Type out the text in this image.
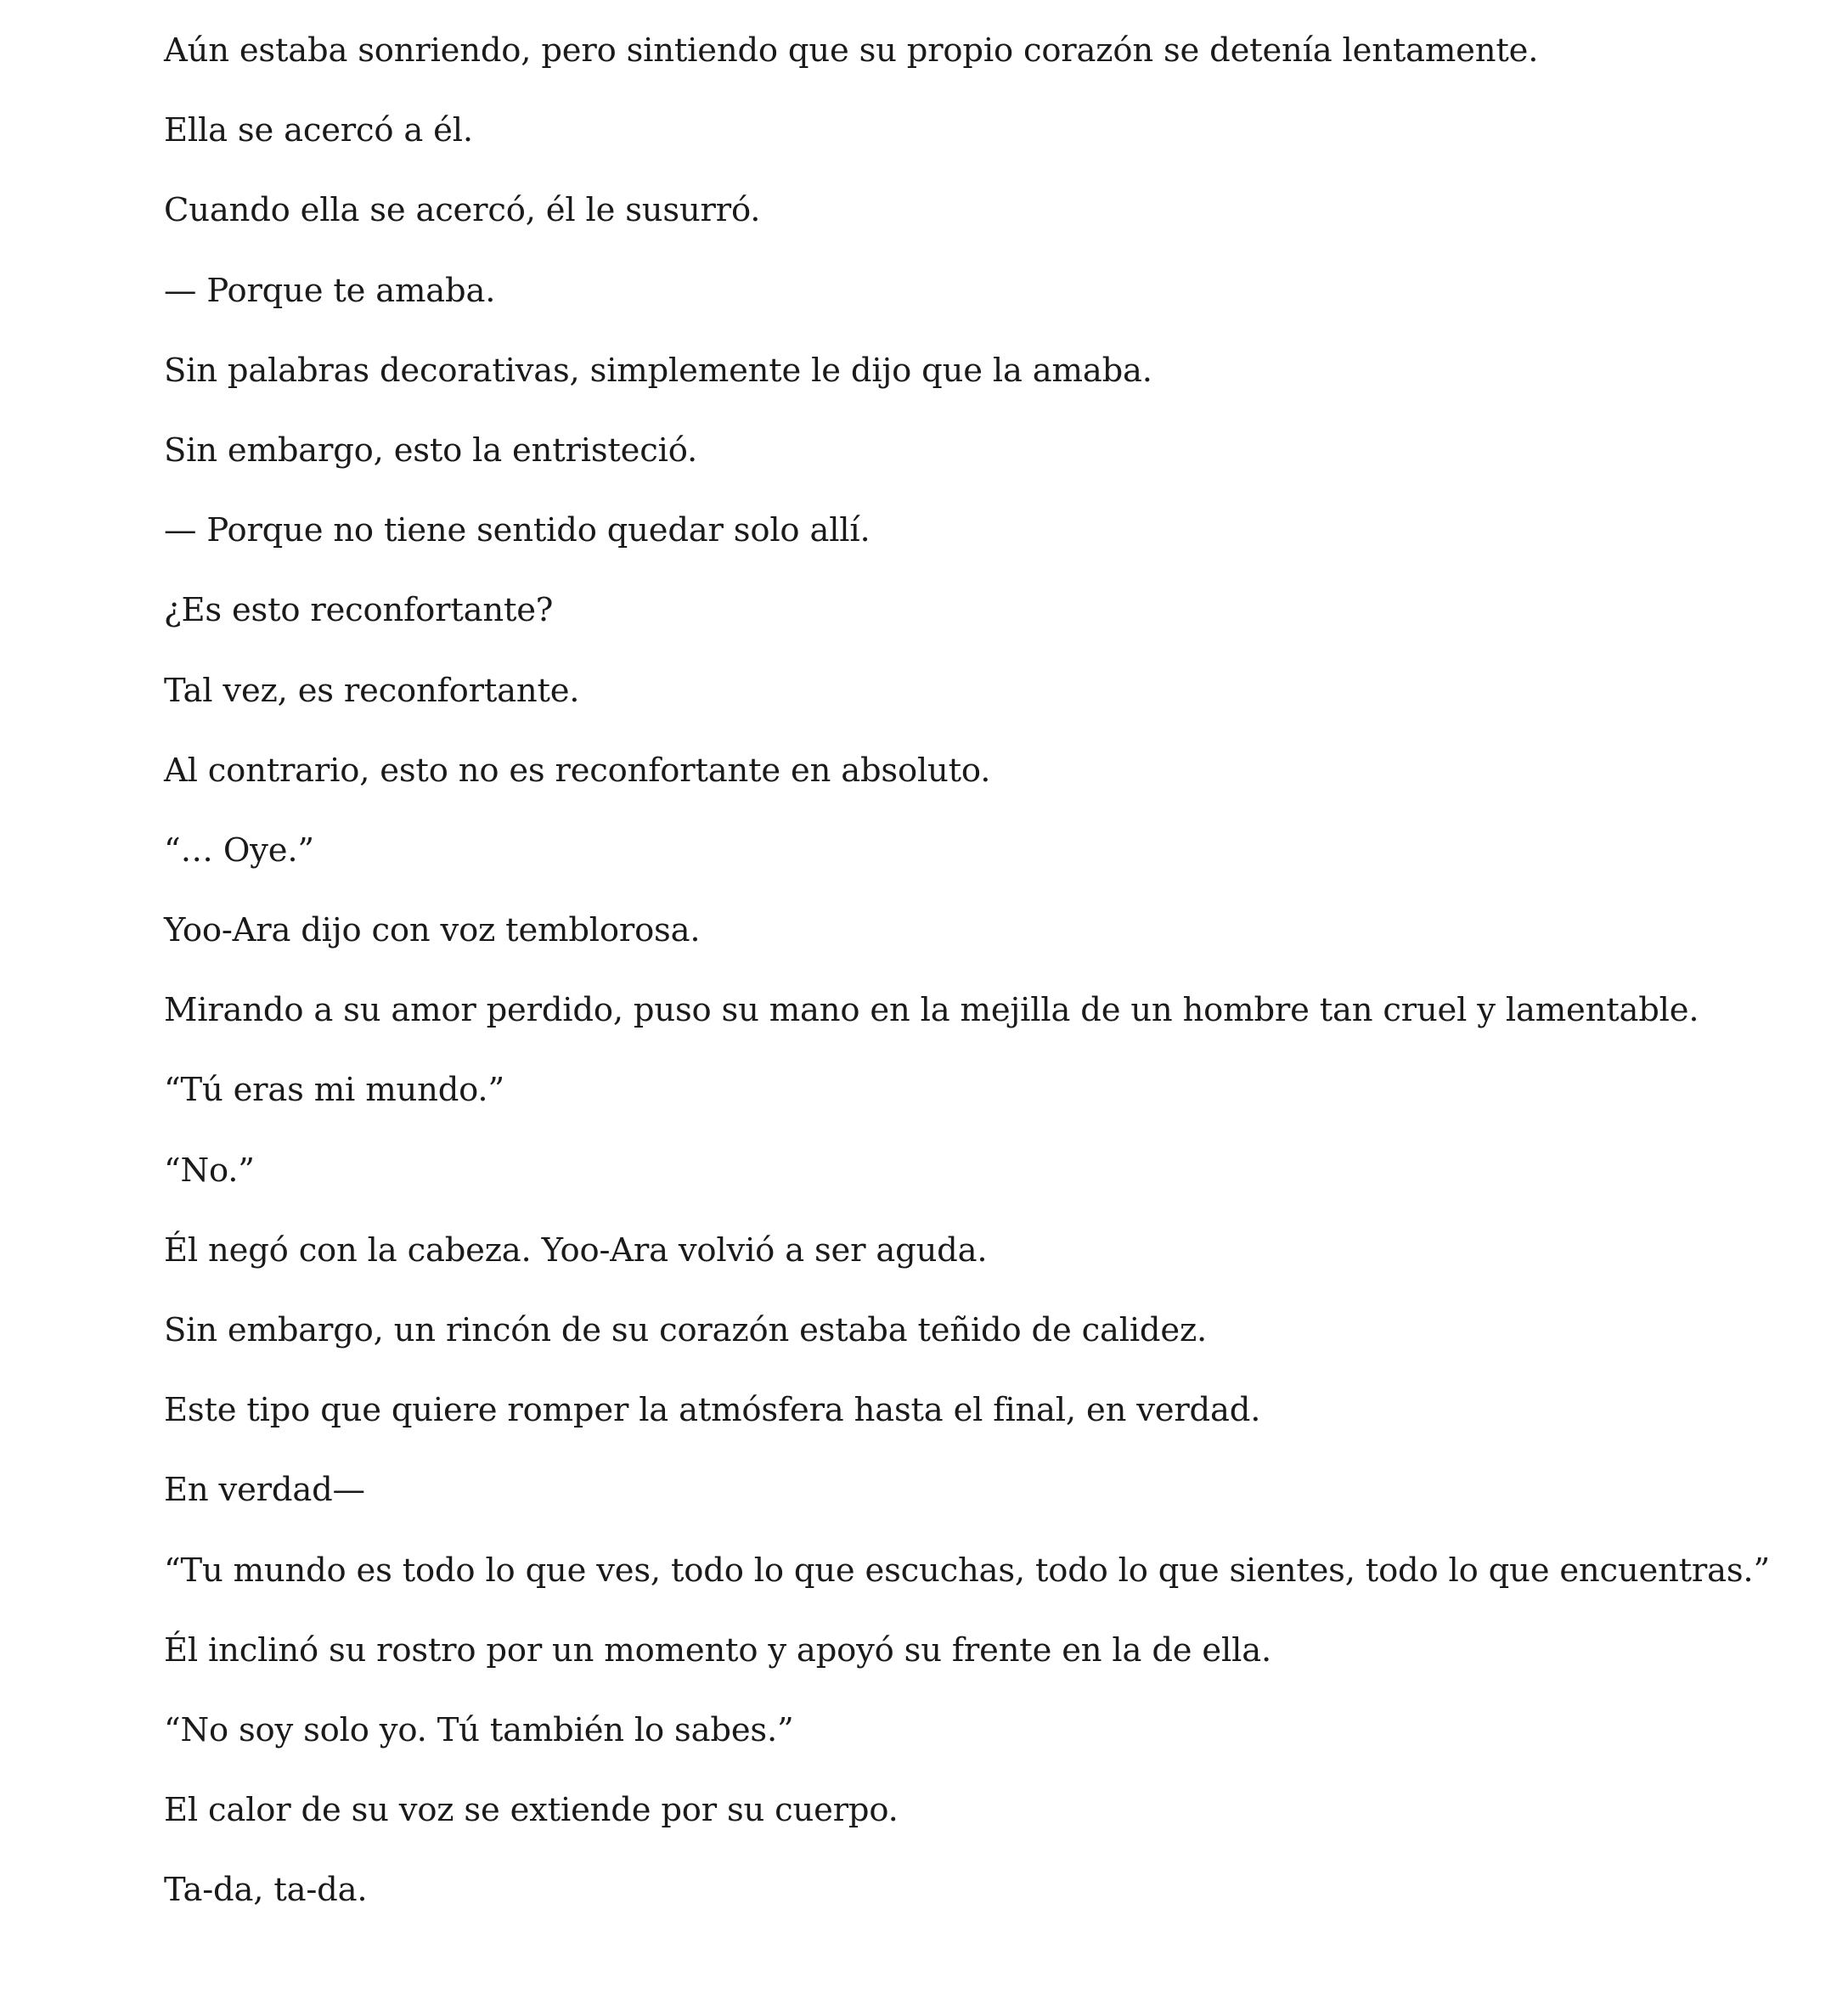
Aún estaba sonriendo, pero sintiendo que su propio corazón se detenía lentamente.

Ella se acercó a él.

Cuando ella se acercó, él le susurró.

— Porque te amaba.

Sin palabras decorativas, simplemente le dijo que la amaba.

Sin embargo, esto la entristeció.

— Porque no tiene sentido quedar solo allí.

¿Es esto reconfortante?

Tal vez, es reconfortante.

Al contrario, esto no es reconfortante en absoluto.

“… Oye.”

Yoo-Ara dijo con voz temblorosa.

Mirando a su amor perdido, puso su mano en la mejilla de un hombre tan cruel y lamentable.

“Tú eras mi mundo.”

“No.”

Él negó con la cabeza. Yoo-Ara volvió a ser aguda.

Sin embargo, un rincón de su corazón estaba teñido de calidez.

Este tipo que quiere romper la atmósfera hasta el final, en verdad.

En verdad—

“Tu mundo es todo lo que ves, todo lo que escuchas, todo lo que sientes, todo lo que encuentras.”

Él inclinó su rostro por un momento y apoyó su frente en la de ella.

“No soy solo yo. Tú también lo sabes.”

El calor de su voz se extiende por su cuerpo.

Ta-da, ta-da.
